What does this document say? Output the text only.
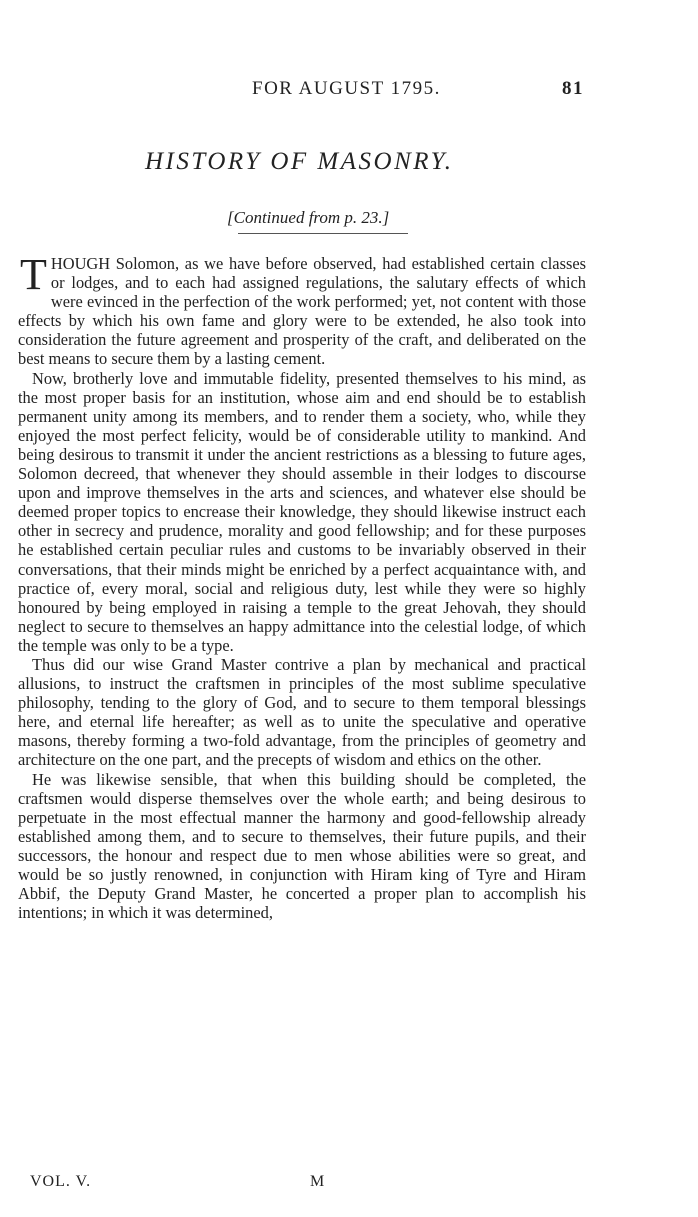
FOR AUGUST 1795.	81
HISTORY OF MASONRY.
[Continued from p. 23.]

THOUGH Solomon, as we have before observed, had established certain classes or lodges, and to each had assigned regulations, the salutary effects of which were evinced in the perfection of the work performed; yet, not content with those effects by which his own fame and glory were to be extended, he also took into consideration the future agreement and prosperity of the craft, and deliberated on the best means to secure them by a lasting cement.

Now, brotherly love and immutable fidelity, presented themselves to his mind, as the most proper basis for an institution, whose aim and end should be to establish permanent unity among its members, and to render them a society, who, while they enjoyed the most perfect felicity, would be of considerable utility to mankind. And being desirous to transmit it under the ancient restrictions as a blessing to future ages, Solomon decreed, that whenever they should assemble in their lodges to discourse upon and improve themselves in the arts and sciences, and whatever else should be deemed proper topics to encrease their knowledge, they should likewise instruct each other in secrecy and prudence, morality and good fellowship; and for these purposes he established certain peculiar rules and customs to be invariably observed in their conversations, that their minds might be enriched by a perfect acquaintance with, and practice of, every moral, social and religious duty, lest while they were so highly honoured by being employed in raising a temple to the great Jehovah, they should neglect to secure to themselves an happy admittance into the celestial lodge, of which the temple was only to be a type.

Thus did our wise Grand Master contrive a plan by mechanical and practical allusions, to instruct the craftsmen in principles of the most sublime speculative philosophy, tending to the glory of God, and to secure to them temporal blessings here, and eternal life hereafter; as well as to unite the speculative and operative masons, thereby forming a two-fold advantage, from the principles of geometry and architecture on the one part, and the precepts of wisdom and ethics on the other.

He was likewise sensible, that when this building should be completed, the craftsmen would disperse themselves over the whole earth; and being desirous to perpetuate in the most effectual manner the harmony and good-fellowship already established among them, and to secure to themselves, their future pupils, and their successors, the honour and respect due to men whose abilities were so great, and would be so justly renowned, in conjunction with Hiram king of Tyre and Hiram Abbif, the Deputy Grand Master, he concerted a proper plan to accomplish his intentions; in which it was determined,

VOL. V.	M
